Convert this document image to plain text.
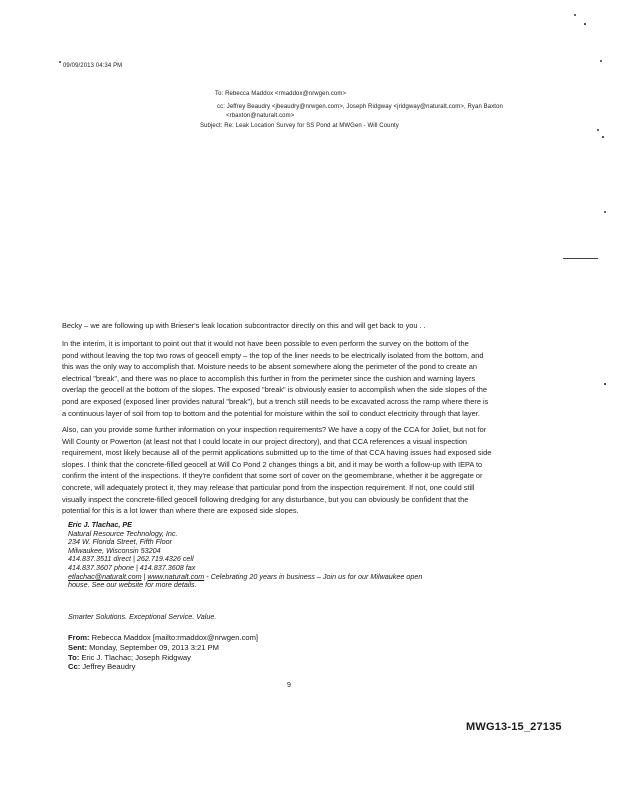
09/09/2013 04:34 PM
To: Rebecca Maddox <rmaddox@nrwgen.com>
cc: Jeffrey Beaudry <jbeaudry@nrwgen.com>, Joseph Ridgway <jridgway@naturalt.com>, Ryan Baxton
<rbaxton@naturalt.com>
Subject: Re: Leak Location Survey for SS Pond at MWGen - Will County
Becky – we are following up with Brieser's leak location subcontractor directly on this and will get back to you . .
In the interim, it is important to point out that it would not have been possible to even perform the survey on the bottom of the
pond without leaving the top two rows of geocell empty – the top of the liner needs to be electrically isolated from the bottom, and
this was the only way to accomplish that. Moisture needs to be absent somewhere along the perimeter of the pond to create an
electrical "break", and there was no place to accomplish this further in from the perimeter since the cushion and warning layers
overlap the geocell at the bottom of the slopes. The exposed "break" is obviously easier to accomplish when the side slopes of the
pond are exposed (exposed liner provides natural "break"), but a trench still needs to be excavated across the ramp where there is
a continuous layer of soil from top to bottom and the potential for moisture within the soil to conduct electricity through that layer.
Also, can you provide some further information on your inspection requirements? We have a copy of the CCA for Joliet, but not for
Will County or Powerton (at least not that I could locate in our project directory), and that CCA references a visual inspection
requirement, most likely because all of the permit applications submitted up to the time of that CCA having issues had exposed side
slopes. I think that the concrete-filled geocell at Will Co Pond 2 changes things a bit, and it may be worth a follow-up with IEPA to
confirm the intent of the inspections. If they're confident that some sort of cover on the geomembrane, whether it be aggregate or
concrete, will adequately protect it, they may release that particular pond from the inspection requirement. If not, one could still
visually inspect the concrete-filled geocell following dredging for any disturbance, but you can obviously be confident that the
potential for this is a lot lower than where there are exposed side slopes.
Eric J. Tlachac, PE
Natural Resource Technology, Inc.
234 W. Florida Street, Fifth Floor
Milwaukee, Wisconsin 53204
414.837.3511 direct | 262.719.4326 cell
414.837.3607 phone | 414.837.3608 fax
etlachac@naturalt.com | www.naturalt.com - Celebrating 20 years in business – Join us for our Milwaukee open
house. See our website for more details.
Smarter Solutions. Exceptional Service. Value.
From: Rebecca Maddox [mailto:rmaddox@nrwgen.com]
Sent: Monday, September 09, 2013 3:21 PM
To: Eric J. Tlachac; Joseph Ridgway
Cc: Jeffrey Beaudry
9
MWG13-15_27135
